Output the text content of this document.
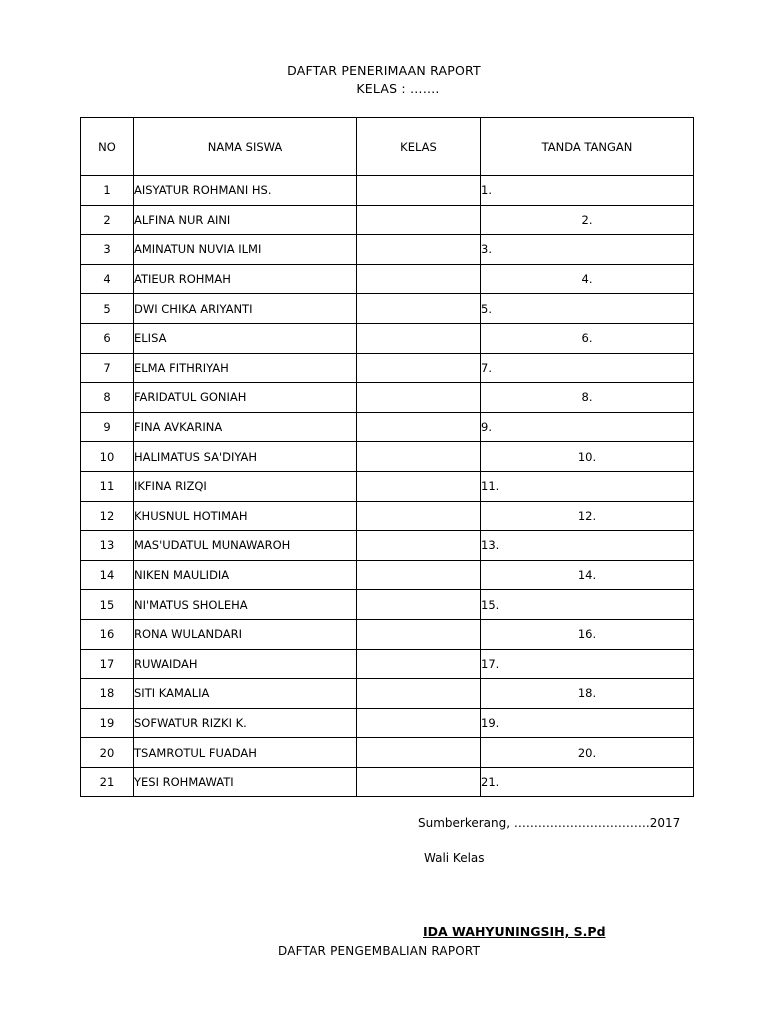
DAFTAR PENERIMAAN RAPORT
KELAS : …….
NO	NAMA SISWA	KELAS	TANDA TANGAN
1	AISYATUR ROHMANI HS.		1.
2	ALFINA NUR AINI		2.
3	AMINATUN NUVIA ILMI		3.
4	ATIEUR ROHMAH		4.
5	DWI CHIKA ARIYANTI		5.
6	ELISA		6.
7	ELMA FITHRIYAH		7.
8	FARIDATUL GONIAH		8.
9	FINA AVKARINA		9.
10	HALIMATUS SA'DIYAH		10.
11	IKFINA RIZQI		11.
12	KHUSNUL HOTIMAH		12.
13	MAS'UDATUL MUNAWAROH		13.
14	NIKEN MAULIDIA		14.
15	NI'MATUS SHOLEHA		15.
16	RONA WULANDARI		16.
17	RUWAIDAH		17.
18	SITI KAMALIA		18.
19	SOFWATUR RIZKI K.		19.
20	TSAMROTUL FUADAH		20.
21	YESI ROHMAWATI		21.
Sumberkerang, …………………………….2017
Wali Kelas
IDA WAHYUNINGSIH, S.Pd
DAFTAR PENGEMBALIAN RAPORT
